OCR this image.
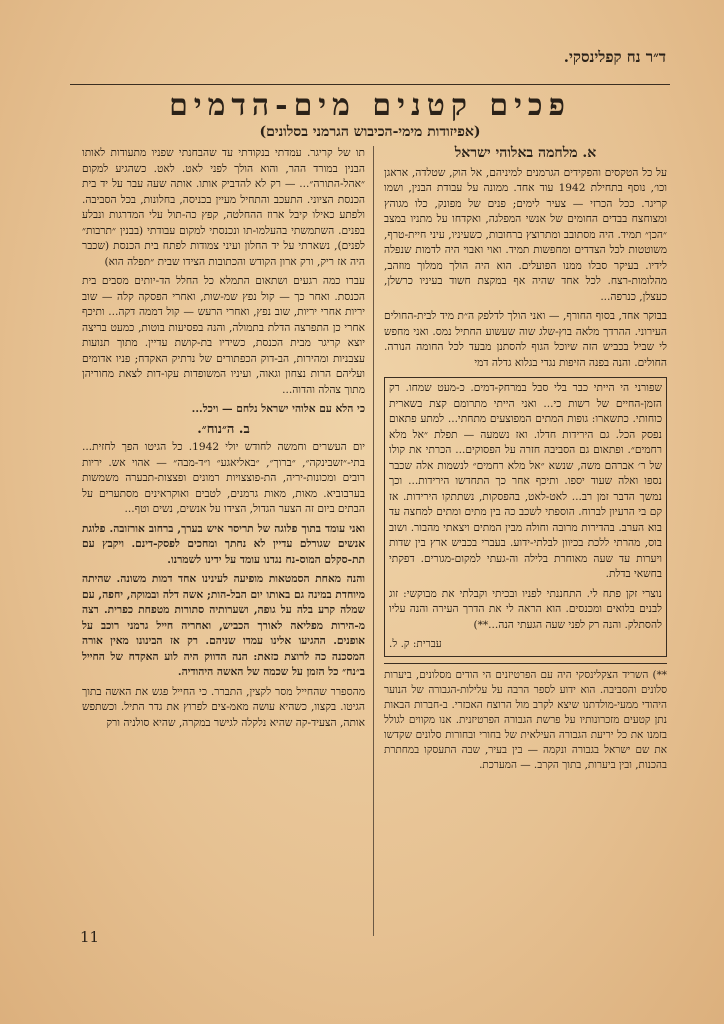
ד״ר נח קפלינסקי.
פכים קטנים מים-הדמים
(אפיזודות מימי-הכיבוש הגרמני בסלונים)
א. מלחמה באלוהי ישראל

על כל הטקסים והפקידים הגרמנים למיניהם, אל הוק, שטלדה, אראגן וכו׳, נוסף בתחילת 1942 עוד אחד. ממונה על עבודת הבנין, ושמו קריגר. ככל הכרזי — צעיר לימים; פנים של מפונק, כלו מגוהץ ומצוחצח בבדים החומים של אנשי המפלגה, ואקדחו על מתניו במצב ״הכן״ תמיד. היה מסתובב ומתרוצץ ברחובות, כשעיניו, עיני חיית-טרף, משוטטות לכל הצדדים ומחפשות תמיד. ואוי ואבוי היה לדמות שנפלה לידיו. בעיקר סבלו ממנו הפועלים. הוא היה הולך ממלוך מוזהב, מהלומות-רצח. לכל אחד שהיה אף במקצת חשוד בעיניו כרשלן, כעצלן, כנרפה...

בבוקר אחד, בסוף החורף, — ואני הולך לדלפק ה״ת מיד לבית-החולים העירוני. ההרדך מלאה בוץ-שלג שוה שעשוע החתיל נמס. ואני מחפש לי שביל בכביש הזה שיוכל הגוף להסתנן מבעד לכל החומה הנורה. החולים. והנה בפנה הזיפות נגדי בגלוא גדלה דמי

שפורני הי הייתי כבר בלי סבל במרחק-דמים. כ-מעט שמחו. רק הזמן-החיים של רשות כי... ואני הייתי מתרומם קצת בשארית כוחותי. כתשארו: גופות המתים המפוצעים מתחתי... למתע פתאום נפסק הכל. גם הירידות חדלו. ואז נשמעה — תפלת ״אל מלא רחמים״. ופתאום גם הסביבה חזרה על הפסוקים... הכרתי את קולו של ר׳ אברהם משה, שנשא ״אל מלא רחמים״ לנשמות אלה שכבר נספו ואלה שעוד יספו. ותיכף אחר כך התחדשו הירידות... וכך נמשך הדבר זמן רב... לאט-לאט, בהפסקות, נשתתקו הירידות. אז קם בי הרעיון לברוח. הוספתי לשכב כה בין מתים ומתים למחצה עד בוא הערב. בהדירות מרובה וחולה מבין המתים ויצאתי מהבור. ושוב בוס, מהרתי ללכת בכיוון לבלתי-ידוע. בעברי בכביש ארץ בין שדות ויערות עד שעה מאוחרת בלילה וה-געתי למקום-מגורים. דפקתי בחשאי בדלת.

נוצרי זקן פתח לי. התחננתי לפניו ובכיתי וקבלתי את מבוקשי: זוג לבנים בלואים ומכנסים. הוא הראה לי את הדרך העירה והנה עליו להסתלק. והנה רק לפני שעה הגעתי הנה...**)

עברית: ק. ל.
**) השריד הצקלינסקי היה עם הפרטיזנים הי הודים מסלונים, ביערות סלונים והסביבה. הוא ידוע לספר הרבה על עלילות-הגבורה של הנוער היהודי ממעי-מולדתנו שיצא לקרב מול הרוצח האכזרי. ב-חברות הבאות נתן קטעים מזכרונותיו על פרשת הגבורה הפרטיזנית. אנו מקווים לגולל בזמנו את כל יריעת הגבורה העילאית של בחורי ובחורות סלונים שקדשו את שם ישראל בגבורה ונקמה — בין בעיר, שבה התעסקו במחתרת בהכנות, ובין ביערות, בתוך הקרב. — המערכת.

תו של קריגר. עמדתי בנקודתי עד שהבחנתי שפניו מתעודות לאותו הבנין במורד ההר, והוא הולך לפני לאט. לאט. כשהגיע למקום ״אהל-התורה״... — רק לא להדביק אותו. אותה שעה עבר על יד בית הכנסת הציוני. התעכב והתחיל מעיין בכניסה, בחלונות, בכל הסביבה. ולפתע כאילו קיבל ארוז ההחלטה, קפץ כה-תול עלי המדרגות ונבלע בפנים. השתמשתי בהעלמו-תו ונכנסתי למקום עבודתי (בבנין ״תרבות״ לפנים), נשארתי על יד החלון ועיני צמודות לפתח בית הכנסת (שכבר היה אז ריק, ורק ארון הקודש והכתובות הצידו שבית ״תפלה הוא)

עברו כמה רגעים ושתאום התמלא כל החלל הד-יותים מסבים בית הכנסת. ואחר כך — קול נפץ שמ-שות, ואחרי הפסקה קלה — שוב יריות אחרי יריות, שוב נפץ, ואחרי הרעש — קול דממה דקה... ותיכף אחרי כן התפרצה הדלת בתמולה, והנה בפסיעות בוטות, כמעט בריצה יוצא קריגר מבית הכנסת, כשידיו בת-קושת עדיין. מתוך תנועות עצבניות ומהירות, הב-דוק הכפתורים של נרתיק האקדח; פניו אדומים ועליהם הרות נצחון וגאוה, ועיניו המשופדות עקו-דות לצאת מחוריהן מתוך צהלה והדוה...

כי הלא עם אלוהי ישראל נלחם — ויכל...

ב. ה״נוח״.

יום העשרים וחמשה לחודש יולי 1942. כל הגיטו הפך לחזית... בתי-״זשבינקה״, ״ברוך״, ״באליאגע״ ו״ד-מבה״ — אהוי אש. יריות רובים ומכונות-יריה, הת-פוצצויות רמונים ופצצות-תבערה משמשות בערבוביא. מאות, מאות גרמנים, לטבים ואוקראינים מסתערים על הבתים ביום זה הצער הגדול, הצידו על אנשים, נשים וטף...

ואני עומד בתוך פלוגה של תריסר איש בערך, ברחוב אורזובה. פלוגת אנשים שגורלם עדיין לא נחתך ומחכים לפסק-דינם. ויקבץ עם תת-סקלם המוס-נח נגדנו עומד על ידינו לשמרנו.

והנה מאחת הסמטאות מופיעה לעינינו אחד דמות משונה. שהיתה מיוחדת במינה גם באותו יום הבל-הות; אשה דלה ובמוקה, יחפה, עם שמלה קרע בלה על גופה, ושערותיה סתורות מטפחת כפרית. רצה מ-הירות מפליאה לאורך הכביש, ואחריה חייל גרמני רוכב על אופנים. ההגיעו אלינו עמדו שניהם. רק אז הבינונו מאין אורה המסכנה כה לרוצת כזאת: הנה הדווק היה לוע האקדח של החייל ב״נח״ כל הזמן על שכמה של האשה היהודיה.

מהספרר שהחייל מסר לקצין, התברר. כי החייל פגש את האשה בתוך הגיטו. בקצוו, כשהיא עושה מאמ-צים לפרוץ את גדר התיל. וכשתפש אותה, הצעיד-קה שהיא נלקלה לגישר במקרה, שהיא סולניה ורק

11
